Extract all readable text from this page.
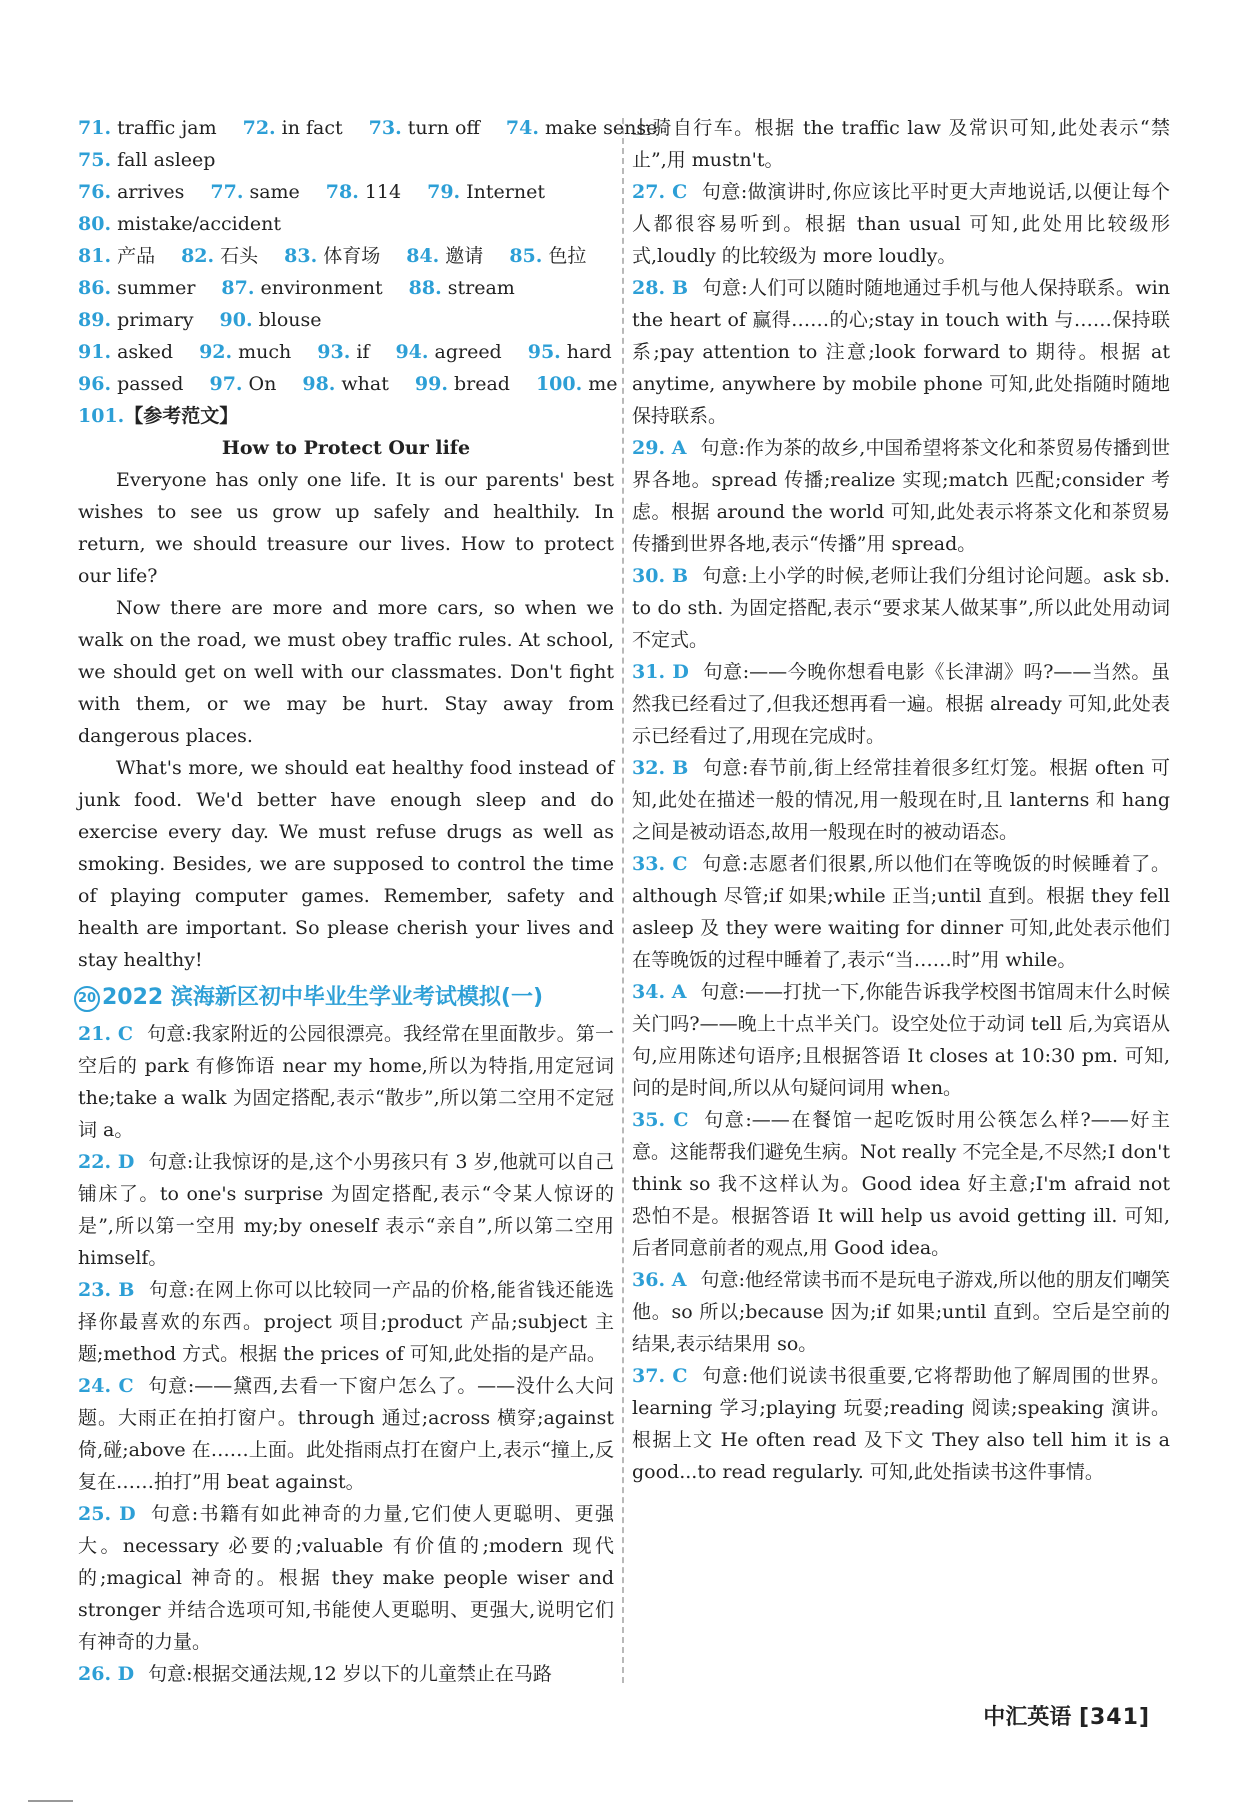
71. traffic jam 72. in fact 73. turn off 74. make sense
75. fall asleep
76. arrives 77. same 78. 114 79. Internet
80. mistake/accident
81. 产品 82. 石头 83. 体育场 84. 邀请 85. 色拉
86. summer 87. environment 88. stream
89. primary 90. blouse
91. asked 92. much 93. if 94. agreed 95. hard
96. passed 97. On 98. what 99. bread 100. me
101.【参考范文】
How to Protect Our life
Everyone has only one life. It is our parents' best wishes to see us grow up safely and healthily. In return, we should treasure our lives. How to protect our life?
Now there are more and more cars, so when we walk on the road, we must obey traffic rules. At school, we should get on well with our classmates. Don't fight with them, or we may be hurt. Stay away from dangerous places.
What's more, we should eat healthy food instead of junk food. We'd better have enough sleep and do exercise every day. We must refuse drugs as well as smoking. Besides, we are supposed to control the time of playing computer games. Remember, safety and health are important. So please cherish your lives and stay healthy!
20 2022 滨海新区初中毕业生学业考试模拟(一)
21. C 句意:我家附近的公园很漂亮。我经常在里面散步。第一空后的 park 有修饰语 near my home,所以为特指,用定冠词 the;take a walk 为固定搭配,表示“散步”,所以第二空用不定冠词 a。
22. D 句意:让我惊讶的是,这个小男孩只有 3 岁,他就可以自己铺床了。to one's surprise 为固定搭配,表示“令某人惊讶的是”,所以第一空用 my;by oneself 表示“亲自”,所以第二空用 himself。
23. B 句意:在网上你可以比较同一产品的价格,能省钱还能选择你最喜欢的东西。project 项目;product 产品;subject 主题;method 方式。根据 the prices of 可知,此处指的是产品。
24. C 句意:——黛西,去看一下窗户怎么了。——没什么大问题。大雨正在拍打窗户。through 通过;across 横穿;against 倚,碰;above 在……上面。此处指雨点打在窗户上,表示“撞上,反复在……拍打”用 beat against。
25. D 句意:书籍有如此神奇的力量,它们使人更聪明、更强大。necessary 必要的;valuable 有价值的;modern 现代的;magical 神奇的。根据 they make people wiser and stronger 并结合选项可知,书能使人更聪明、更强大,说明它们有神奇的力量。
26. D 句意:根据交通法规,12 岁以下的儿童禁止在马路
上骑自行车。根据 the traffic law 及常识可知,此处表示“禁止”,用 mustn't。
27. C 句意:做演讲时,你应该比平时更大声地说话,以便让每个人都很容易听到。根据 than usual 可知,此处用比较级形式,loudly 的比较级为 more loudly。
28. B 句意:人们可以随时随地通过手机与他人保持联系。win the heart of 赢得……的心;stay in touch with 与……保持联系;pay attention to 注意;look forward to 期待。根据 at anytime, anywhere by mobile phone 可知,此处指随时随地保持联系。
29. A 句意:作为茶的故乡,中国希望将茶文化和茶贸易传播到世界各地。spread 传播;realize 实现;match 匹配;consider 考虑。根据 around the world 可知,此处表示将茶文化和茶贸易传播到世界各地,表示“传播”用 spread。
30. B 句意:上小学的时候,老师让我们分组讨论问题。ask sb. to do sth. 为固定搭配,表示“要求某人做某事”,所以此处用动词不定式。
31. D 句意:——今晚你想看电影《长津湖》吗?——当然。虽然我已经看过了,但我还想再看一遍。根据 already 可知,此处表示已经看过了,用现在完成时。
32. B 句意:春节前,街上经常挂着很多红灯笼。根据 often 可知,此处在描述一般的情况,用一般现在时,且 lanterns 和 hang 之间是被动语态,故用一般现在时的被动语态。
33. C 句意:志愿者们很累,所以他们在等晚饭的时候睡着了。although 尽管;if 如果;while 正当;until 直到。根据 they fell asleep 及 they were waiting for dinner 可知,此处表示他们在等晚饭的过程中睡着了,表示“当……时”用 while。
34. A 句意:——打扰一下,你能告诉我学校图书馆周末什么时候关门吗?——晚上十点半关门。设空处位于动词 tell 后,为宾语从句,应用陈述句语序;且根据答语 It closes at 10:30 pm. 可知,问的是时间,所以从句疑问词用 when。
35. C 句意:——在餐馆一起吃饭时用公筷怎么样?——好主意。这能帮我们避免生病。Not really 不完全是,不尽然;I don't think so 我不这样认为。Good idea 好主意;I'm afraid not 恐怕不是。根据答语 It will help us avoid getting ill. 可知,后者同意前者的观点,用 Good idea。
36. A 句意:他经常读书而不是玩电子游戏,所以他的朋友们嘲笑他。so 所以;because 因为;if 如果;until 直到。空后是空前的结果,表示结果用 so。
37. C 句意:他们说读书很重要,它将帮助他了解周围的世界。learning 学习;playing 玩耍;reading 阅读;speaking 演讲。根据上文 He often read 及下文 They also tell him it is a good...to read regularly. 可知,此处指读书这件事情。
中汇英语 [341]
